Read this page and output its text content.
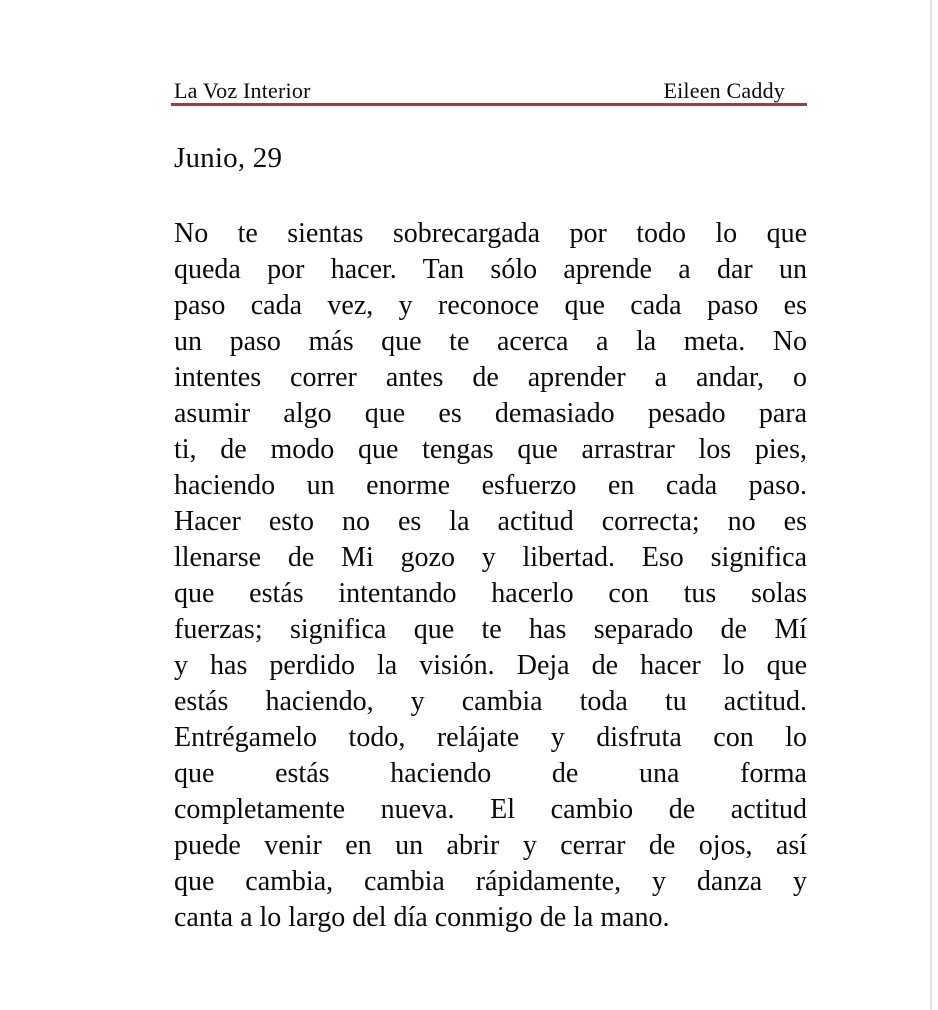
La Voz Interior	Eileen Caddy
Junio, 29
No te sientas sobrecargada por todo lo que
queda por hacer. Tan sólo aprende a dar un
paso cada vez, y reconoce que cada paso es
un paso más que te acerca a la meta. No
intentes correr antes de aprender a andar, o
asumir algo que es demasiado pesado para
ti, de modo que tengas que arrastrar los pies,
haciendo un enorme esfuerzo en cada paso.
Hacer esto no es la actitud correcta; no es
llenarse de Mi gozo y libertad. Eso significa
que estás intentando hacerlo con tus solas
fuerzas; significa que te has separado de Mí
y has perdido la visión. Deja de hacer lo que
estás haciendo, y cambia toda tu actitud.
Entrégamelo todo, relájate y disfruta con lo
que estás haciendo de una forma
completamente nueva. El cambio de actitud
puede venir en un abrir y cerrar de ojos, así
que cambia, cambia rápidamente, y danza y
canta a lo largo del día conmigo de la mano.
